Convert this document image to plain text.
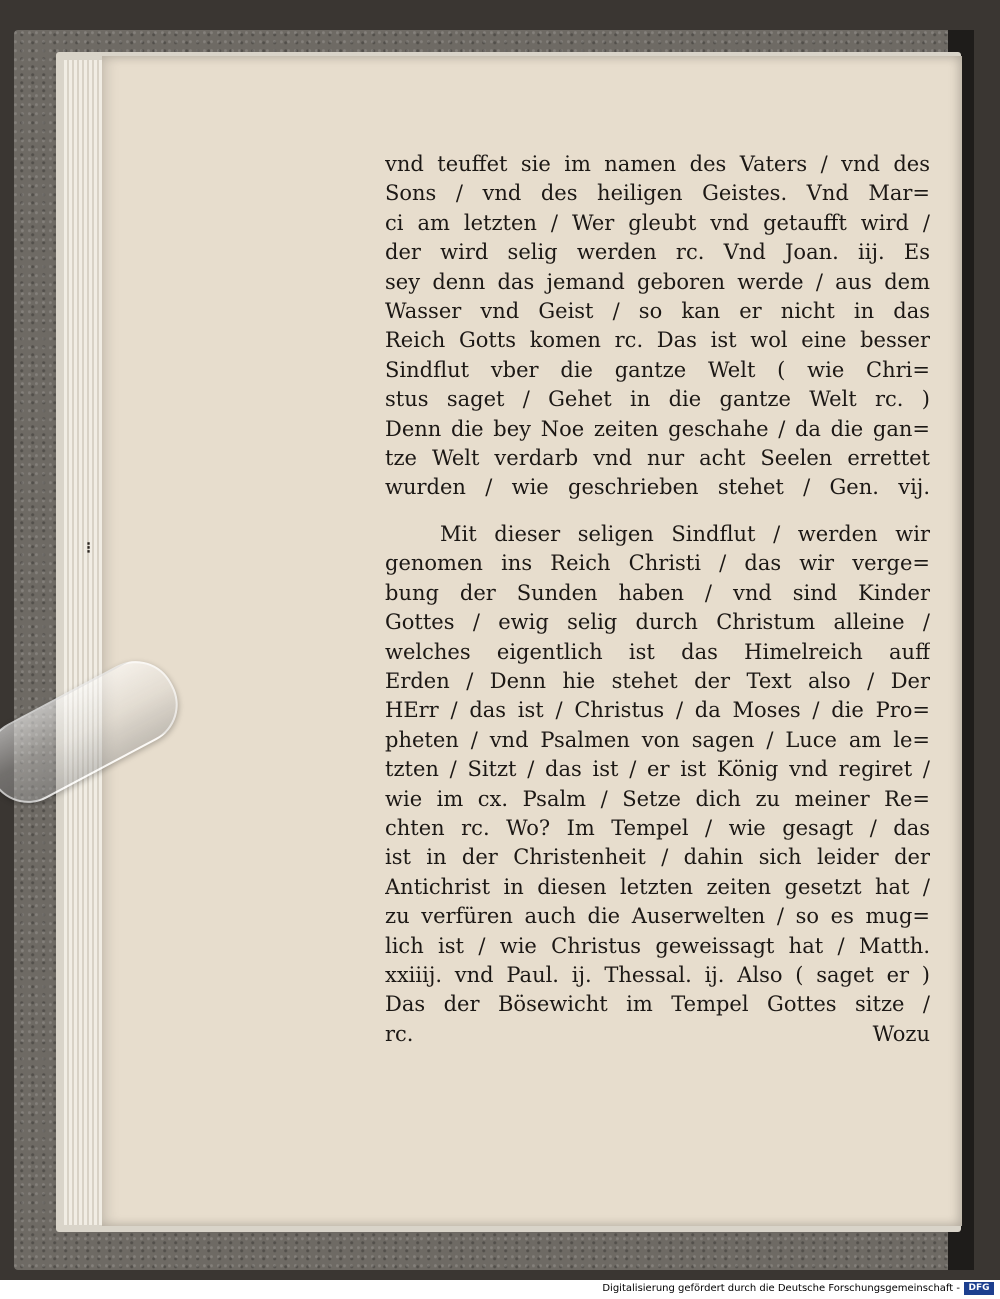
⁝
vnd teuffet sie im namen des Vaters / vnd des
Sons / vnd des heiligen Geistes. Vnd Mar=
ci am letzten / Wer gleubt vnd getaufft wird /
der wird selig werden rc. Vnd Joan. iij. Es
sey denn das jemand geboren werde / aus dem
Wasser vnd Geist / so kan er nicht in das
Reich Gotts komen rc. Das ist wol eine besser
Sindflut vber die gantze Welt ( wie Chri=
stus saget / Gehet in die gantze Welt rc. )
Denn die bey Noe zeiten geschahe / da die gan=
tze Welt verdarb vnd nur acht Seelen errettet
wurden / wie geschrieben stehet / Gen. vij.
Mit dieser seligen Sindflut / werden wir
genomen ins Reich Christi / das wir verge=
bung der Sunden haben / vnd sind Kinder
Gottes / ewig selig durch Christum alleine /
welches eigentlich ist das Himelreich auff
Erden / Denn hie stehet der Text also / Der
HErr / das ist / Christus / da Moses / die Pro=
pheten / vnd Psalmen von sagen / Luce am le=
tzten / Sitzt / das ist / er ist König vnd regiret /
wie im cx. Psalm / Setze dich zu meiner Re=
chten rc. Wo? Im Tempel / wie gesagt / das
ist in der Christenheit / dahin sich leider der
Antichrist in diesen letzten zeiten gesetzt hat /
zu verfüren auch die Auserwelten / so es mug=
lich ist / wie Christus geweissagt hat / Matth.
xxiiij. vnd Paul. ij. Thessal. ij. Also ( saget er )
Das der Bösewicht im Tempel Gottes sitze /
rc.	Wozu
Digitalisierung gefördert durch die Deutsche Forschungsgemeinschaft - DFG
